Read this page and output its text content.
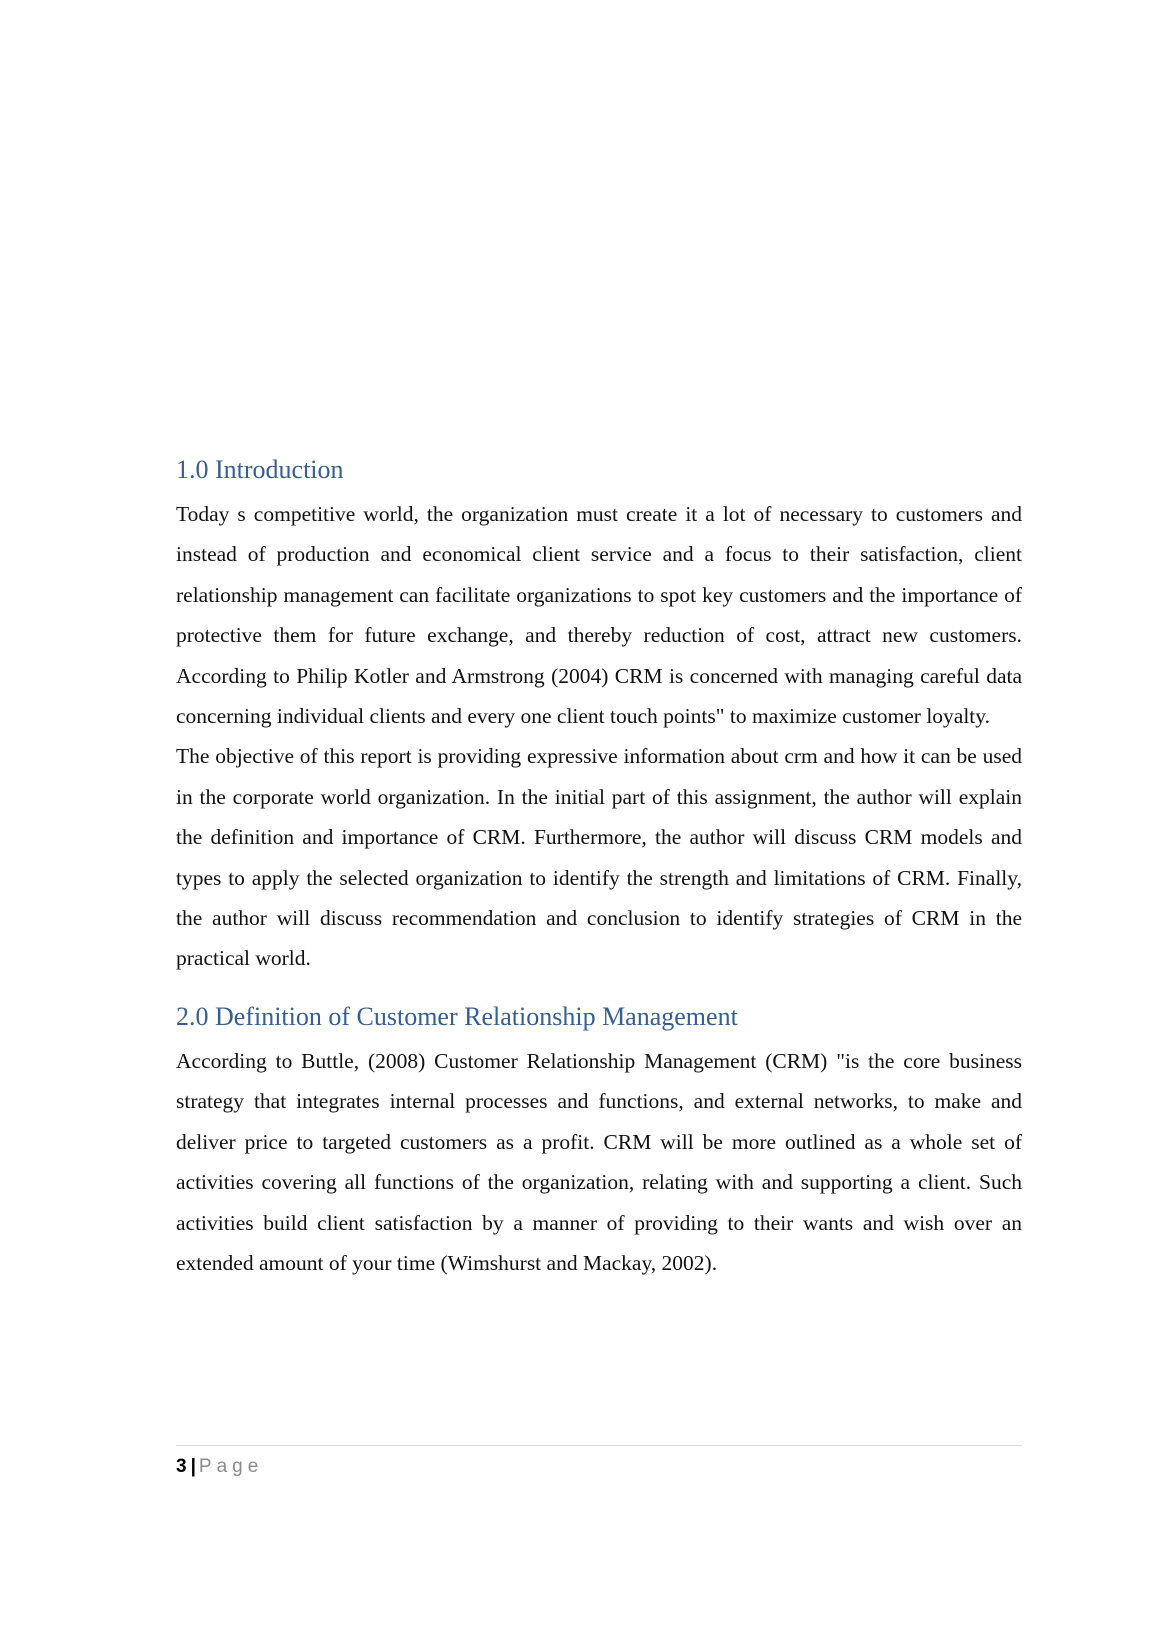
1.0 Introduction

Today s competitive world, the organization must create it a lot of necessary to customers and instead of production and economical client service and a focus to their satisfaction, client relationship management can facilitate organizations to spot key customers and the importance of protective them for future exchange, and thereby reduction of cost, attract new customers. According to Philip Kotler and Armstrong (2004) CRM is concerned with managing careful data concerning individual clients and every one client touch points" to maximize customer loyalty.

The objective of this report is providing expressive information about crm and how it can be used in the corporate world organization. In the initial part of this assignment, the author will explain the definition and importance of CRM. Furthermore, the author will discuss CRM models and types to apply the selected organization to identify the strength and limitations of CRM. Finally, the author will discuss recommendation and conclusion to identify strategies of CRM in the practical world.

2.0 Definition of Customer Relationship Management

According to Buttle, (2008) Customer Relationship Management (CRM) "is the core business strategy that integrates internal processes and functions, and external networks, to make and deliver price to targeted customers as a profit. CRM will be more outlined as a whole set of activities covering all functions of the organization, relating with and supporting a client. Such activities build client satisfaction by a manner of providing to their wants and wish over an extended amount of your time (Wimshurst and Mackay, 2002).

3 | Page
